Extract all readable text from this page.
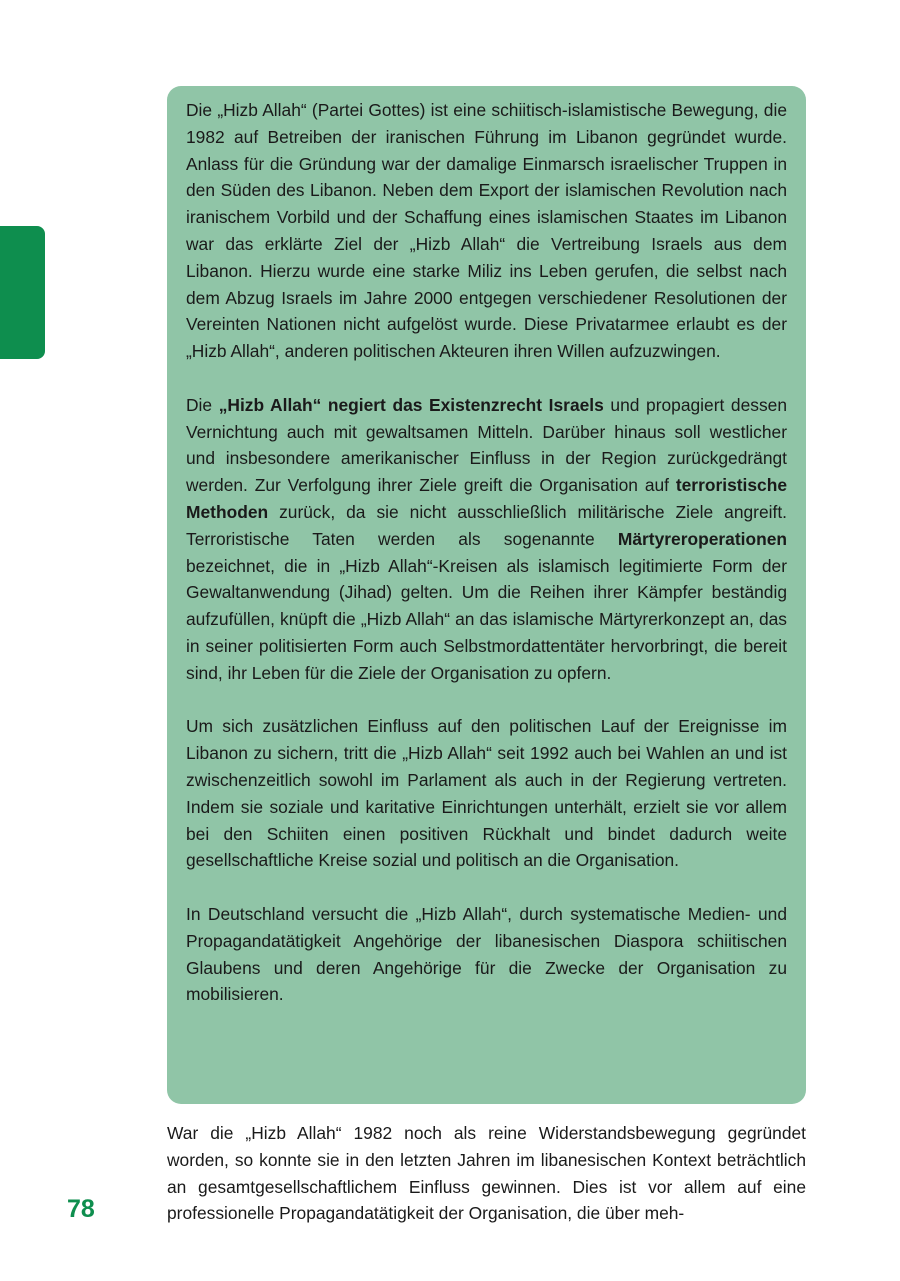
Die „Hizb Allah“ (Partei Gottes) ist eine schiitisch-islamistische Bewegung, die 1982 auf Betreiben der iranischen Führung im Libanon gegründet wurde. Anlass für die Gründung war der damalige Einmarsch israelischer Truppen in den Süden des Libanon. Neben dem Export der islamischen Revolution nach iranischem Vorbild und der Schaffung eines islamischen Staates im Libanon war das erklärte Ziel der „Hizb Allah“ die Vertreibung Israels aus dem Libanon. Hierzu wurde eine starke Miliz ins Leben gerufen, die selbst nach dem Abzug Israels im Jahre 2000 entgegen verschiedener Resolutionen der Vereinten Nationen nicht aufgelöst wurde. Diese Privatarmee erlaubt es der „Hizb Allah“, anderen politischen Akteuren ihren Willen aufzuzwingen.

Die „Hizb Allah“ negiert das Existenzrecht Israels und propagiert dessen Vernichtung auch mit gewaltsamen Mitteln. Darüber hinaus soll westlicher und insbesondere amerikanischer Einfluss in der Region zurückgedrängt werden. Zur Verfolgung ihrer Ziele greift die Organisation auf terroristische Methoden zurück, da sie nicht ausschließlich militärische Ziele angreift. Terroristische Taten werden als sogenannte Märtyreroperationen bezeichnet, die in „Hizb Allah“-Kreisen als islamisch legitimierte Form der Gewaltanwendung (Jihad) gelten. Um die Reihen ihrer Kämpfer beständig aufzufüllen, knüpft die „Hizb Allah“ an das islamische Märtyrerkonzept an, das in seiner politisierten Form auch Selbstmordattentäter hervorbringt, die bereit sind, ihr Leben für die Ziele der Organisation zu opfern.

Um sich zusätzlichen Einfluss auf den politischen Lauf der Ereignisse im Libanon zu sichern, tritt die „Hizb Allah“ seit 1992 auch bei Wahlen an und ist zwischenzeitlich sowohl im Parlament als auch in der Regierung vertreten. Indem sie soziale und karitative Einrichtungen unterhält, erzielt sie vor allem bei den Schiiten einen positiven Rückhalt und bindet dadurch weite gesellschaftliche Kreise sozial und politisch an die Organisation.

In Deutschland versucht die „Hizb Allah“, durch systematische Medien- und Propagandatätigkeit Angehörige der libanesischen Diaspora schiitischen Glaubens und deren Angehörige für die Zwecke der Organisation zu mobilisieren.

War die „Hizb Allah“ 1982 noch als reine Widerstandsbewegung gegründet worden, so konnte sie in den letzten Jahren im libanesischen Kontext beträchtlich an gesamtgesellschaftlichem Einfluss gewinnen. Dies ist vor allem auf eine professionelle Propagandatätigkeit der Organisation, die über meh-

78
